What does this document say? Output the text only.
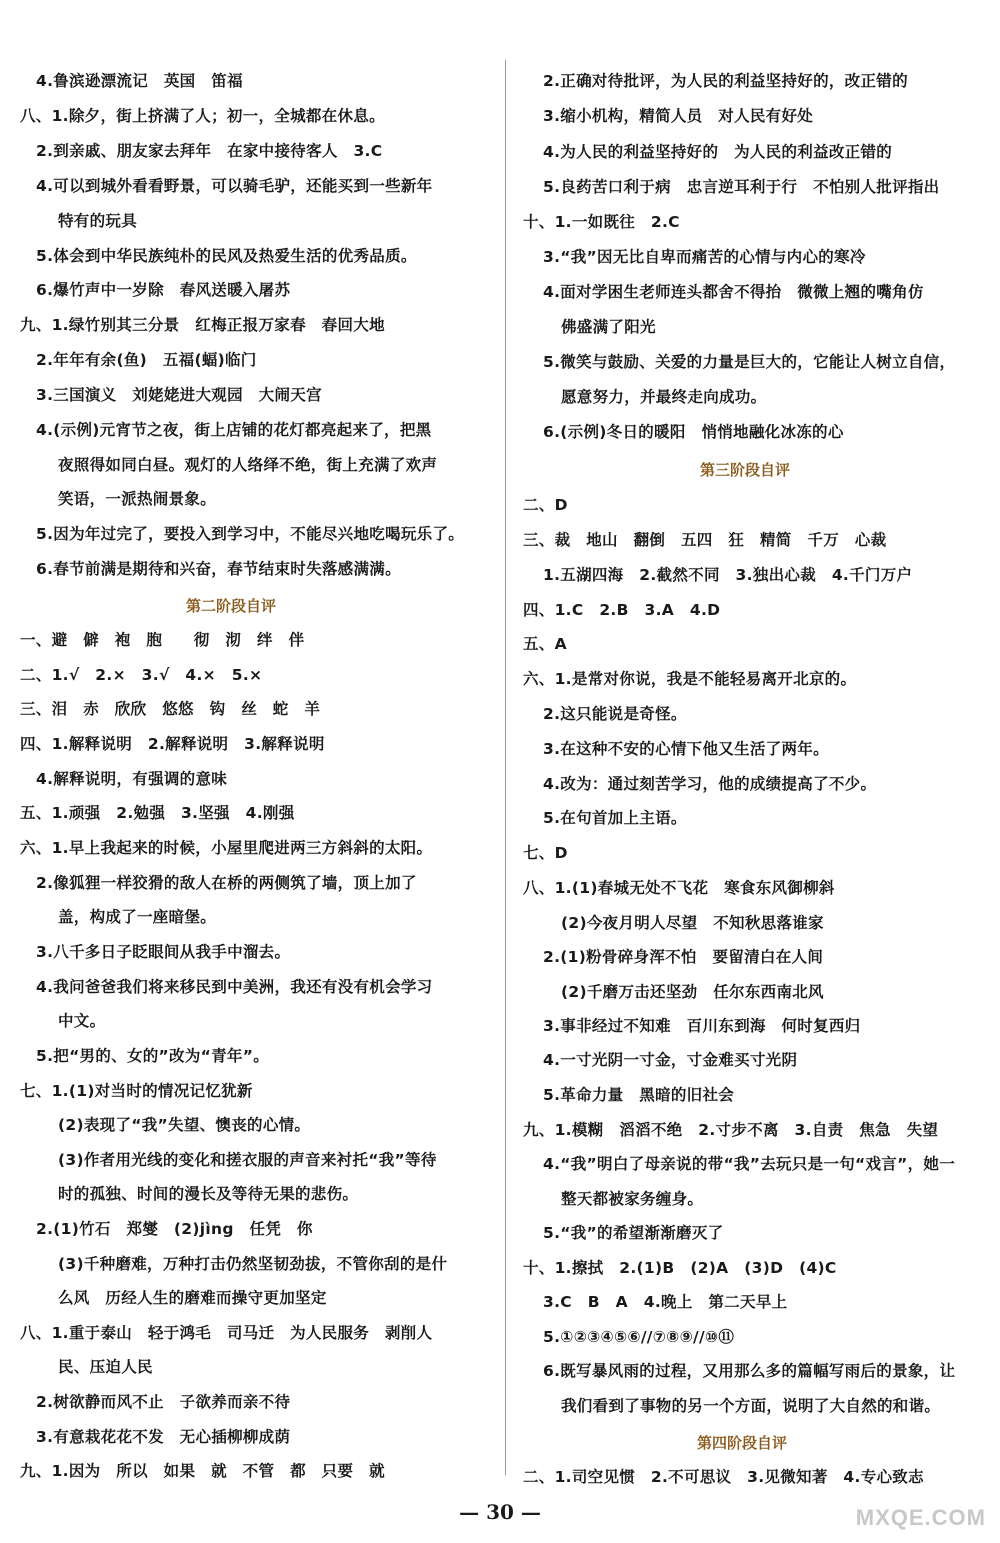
4.鲁滨逊漂流记　英国　笛福
八、1.除夕，街上挤满了人；初一，全城都在休息。
2.到亲戚、朋友家去拜年　在家中接待客人　3.C
4.可以到城外看看野景，可以骑毛驴，还能买到一些新年
特有的玩具
5.体会到中华民族纯朴的民风及热爱生活的优秀品质。
6.爆竹声中一岁除　春风送暖入屠苏
九、1.绿竹别其三分景　红梅正报万家春　春回大地
2.年年有余(鱼)　五福(蝠)临门
3.三国演义　刘姥姥进大观园　大闹天宫
4.(示例)元宵节之夜，街上店铺的花灯都亮起来了，把黑
夜照得如同白昼。观灯的人络绎不绝，街上充满了欢声
笑语，一派热闹景象。
5.因为年过完了，要投入到学习中，不能尽兴地吃喝玩乐了。
6.春节前满是期待和兴奋，春节结束时失落感满满。
第二阶段自评
一、避　僻　袍　胞　　彻　沏　绊　伴
二、1.√　2.×　3.√　4.×　5.×
三、泪　赤　欣欣　悠悠　钩　丝　蛇　羊
四、1.解释说明　2.解释说明　3.解释说明
4.解释说明，有强调的意味
五、1.顽强　2.勉强　3.坚强　4.刚强
六、1.早上我起来的时候，小屋里爬进两三方斜斜的太阳。
2.像狐狸一样狡猾的敌人在桥的两侧筑了墙，顶上加了
盖，构成了一座暗堡。
3.八千多日子眨眼间从我手中溜去。
4.我问爸爸我们将来移民到中美洲，我还有没有机会学习
中文。
5.把“男的、女的”改为“青年”。
七、1.(1)对当时的情况记忆犹新
(2)表现了“我”失望、懊丧的心情。
(3)作者用光线的变化和搓衣服的声音来衬托“我”等待
时的孤独、时间的漫长及等待无果的悲伤。
2.(1)竹石　郑燮　(2)jìng　任凭　你
(3)千种磨难，万种打击仍然坚韧劲拔，不管你刮的是什
么风　历经人生的磨难而操守更加坚定
八、1.重于泰山　轻于鸿毛　司马迁　为人民服务　剥削人
民、压迫人民
2.树欲静而风不止　子欲养而亲不待
3.有意栽花花不发　无心插柳柳成荫
九、1.因为　所以　如果　就　不管　都　只要　就
2.正确对待批评，为人民的利益坚持好的，改正错的
3.缩小机构，精简人员　对人民有好处
4.为人民的利益坚持好的　为人民的利益改正错的
5.良药苦口利于病　忠言逆耳利于行　不怕别人批评指出
十、1.一如既往　2.C
3.“我”因无比自卑而痛苦的心情与内心的寒冷
4.面对学困生老师连头都舍不得抬　微微上翘的嘴角仿
佛盛满了阳光
5.微笑与鼓励、关爱的力量是巨大的，它能让人树立自信，
愿意努力，并最终走向成功。
6.(示例)冬日的暖阳　悄悄地融化冰冻的心
第三阶段自评
二、D
三、裁　地山　翻倒　五四　狂　精简　千万　心裁
1.五湖四海　2.截然不同　3.独出心裁　4.千门万户
四、1.C　2.B　3.A　4.D
五、A
六、1.是常对你说，我是不能轻易离开北京的。
2.这只能说是奇怪。
3.在这种不安的心情下他又生活了两年。
4.改为：通过刻苦学习，他的成绩提高了不少。
5.在句首加上主语。
七、D
八、1.(1)春城无处不飞花　寒食东风御柳斜
(2)今夜月明人尽望　不知秋思落谁家
2.(1)粉骨碎身浑不怕　要留清白在人间
(2)千磨万击还坚劲　任尔东西南北风
3.事非经过不知难　百川东到海　何时复西归
4.一寸光阴一寸金，寸金难买寸光阴
5.革命力量　黑暗的旧社会
九、1.模糊　滔滔不绝　2.寸步不离　3.自责　焦急　失望
4.“我”明白了母亲说的带“我”去玩只是一句“戏言”，她一
整天都被家务缠身。
5.“我”的希望渐渐磨灭了
十、1.擦拭　2.(1)B　(2)A　(3)D　(4)C
3.C　B　A　4.晚上　第二天早上
5.①②③④⑤⑥//⑦⑧⑨//⑩⑪
6.既写暴风雨的过程，又用那么多的篇幅写雨后的景象，让
我们看到了事物的另一个方面，说明了大自然的和谐。
第四阶段自评
二、1.司空见惯　2.不可思议　3.见微知著　4.专心致志
— 30 —	MXQE.COM
